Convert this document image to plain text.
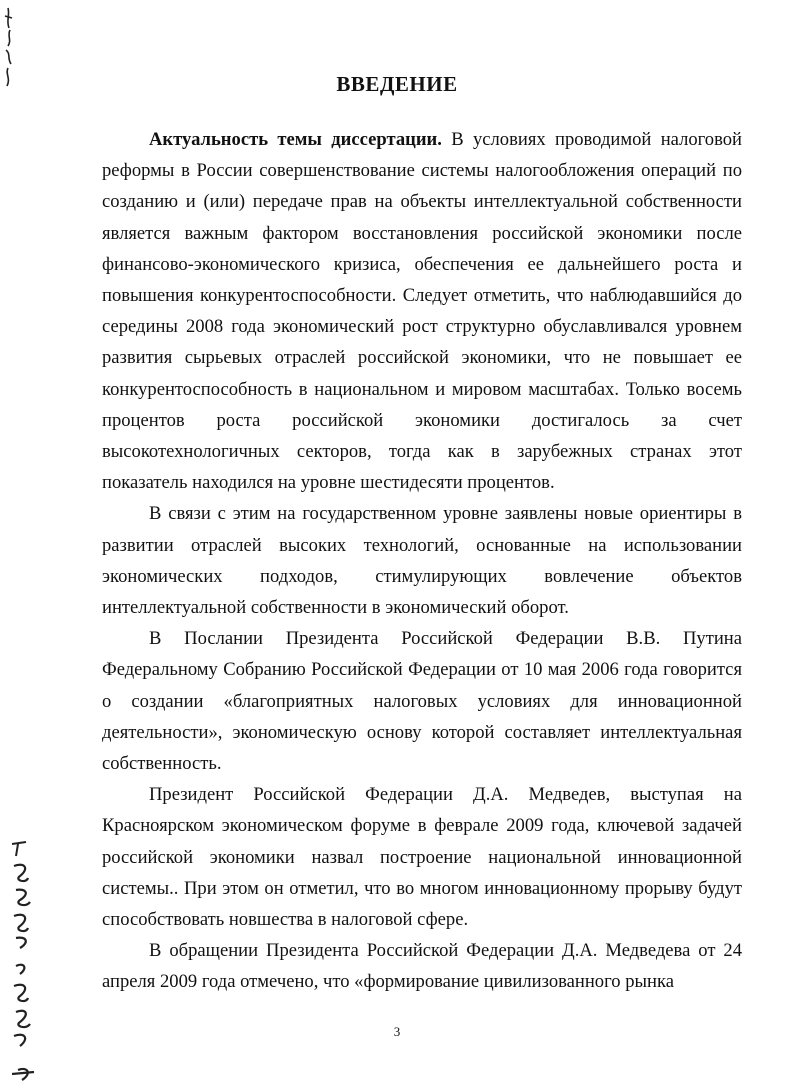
ВВЕДЕНИЕ

Актуальность темы диссертации. В условиях проводимой налоговой реформы в России совершенствование системы налогообложения операций по созданию и (или) передаче прав на объекты интеллектуальной собственности является важным фактором восстановления российской экономики после финансово-экономического кризиса, обеспечения ее дальнейшего роста и повышения конкурентоспособности. Следует отметить, что наблюдавшийся до середины 2008 года экономический рост структурно обуславливался уровнем развития сырьевых отраслей российской экономики, что не повышает ее конкурентоспособность в национальном и мировом масштабах. Только восемь процентов роста российской экономики достигалось за счет высокотехнологичных секторов, тогда как в зарубежных странах этот показатель находился на уровне шестидесяти процентов.

В связи с этим на государственном уровне заявлены новые ориентиры в развитии отраслей высоких технологий, основанные на использовании экономических подходов, стимулирующих вовлечение объектов интеллектуальной собственности в экономический оборот.

В Послании Президента Российской Федерации В.В. Путина Федеральному Собранию Российской Федерации от 10 мая 2006 года говорится о создании «благоприятных налоговых условиях для инновационной деятельности», экономическую основу которой составляет интеллектуальная собственность.

Президент Российской Федерации Д.А. Медведев, выступая на Красноярском экономическом форуме в феврале 2009 года, ключевой задачей российской экономики назвал построение национальной инновационной системы.. При этом он отметил, что во многом инновационному прорыву будут способствовать новшества в налоговой сфере.

В обращении Президента Российской Федерации Д.А. Медведева от 24 апреля 2009 года отмечено, что «формирование цивилизованного рынка

3
